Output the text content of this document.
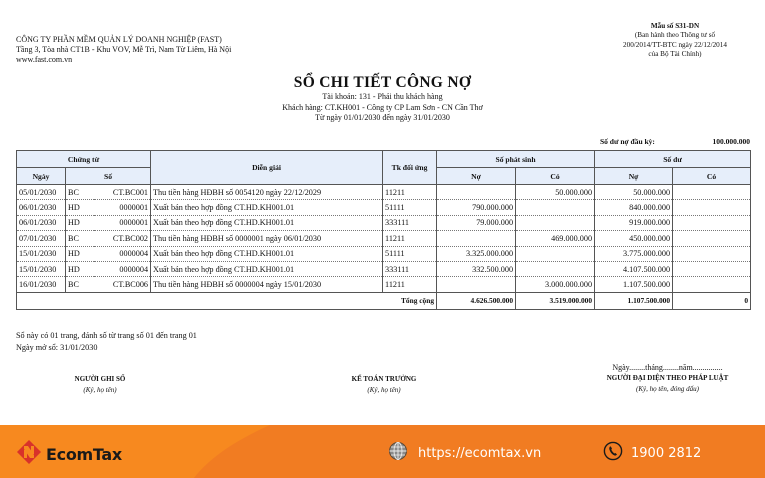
CÔNG TY PHẦN MỀM QUẢN LÝ DOANH NGHIỆP (FAST)
Tầng 3, Tòa nhà CT1B - Khu VOV, Mễ Trì, Nam Từ Liêm, Hà Nội
www.fast.com.vn
Mẫu số S31-DN
(Ban hành theo Thông tư số
200/2014/TT-BTC ngày 22/12/2014
của Bộ Tài Chính)
SỔ CHI TIẾT CÔNG NỢ
Tài khoản: 131 - Phải thu khách hàng
Khách hàng: CT.KH001 - Công ty CP Lam Sơn - CN Cần Thơ
Từ ngày 01/01/2030 đến ngày 31/01/2030
Số dư nợ đầu kỳ:	100.000.000
Chứng từ			Diễn giải	Tk đối ứng	Số phát sinh		Số dư	
Ngày	Số				Nợ	Có	Nợ	Có
05/01/2030	BC	CT.BC001	Thu tiền hàng HĐBH số 0054120 ngày 22/12/2029	11211		50.000.000	50.000.000	
06/01/2030	HD	0000001	Xuất bán theo hợp đồng CT.HD.KH001.01	51111	790.000.000		840.000.000	
06/01/2030	HD	0000001	Xuất bán theo hợp đồng CT.HD.KH001.01	333111	79.000.000		919.000.000	
07/01/2030	BC	CT.BC002	Thu tiền hàng HĐBH số 0000001 ngày 06/01/2030	11211		469.000.000	450.000.000	
15/01/2030	HD	0000004	Xuất bán theo hợp đồng CT.HD.KH001.01	51111	3.325.000.000		3.775.000.000	
15/01/2030	HD	0000004	Xuất bán theo hợp đồng CT.HD.KH001.01	333111	332.500.000		4.107.500.000	
16/01/2030	BC	CT.BC006	Thu tiền hàng HĐBH số 0000004 ngày 15/01/2030	11211		3.000.000.000	1.107.500.000	
Tổng cộng					4.626.500.000	3.519.000.000	1.107.500.000	0
Sổ này có 01 trang, đánh số từ trang số 01 đến trang 01
Ngày mở sổ: 31/01/2030
NGƯỜI GHI SỔ
(Ký, họ tên)
KẾ TOÁN TRƯỞNG
(Ký, họ tên)
Ngày........tháng........năm...............
NGƯỜI ĐẠI DIỆN THEO PHÁP LUẬT
(Ký, họ tên, đóng dấu)
EcomTax	https://ecomtax.vn	1900 2812
